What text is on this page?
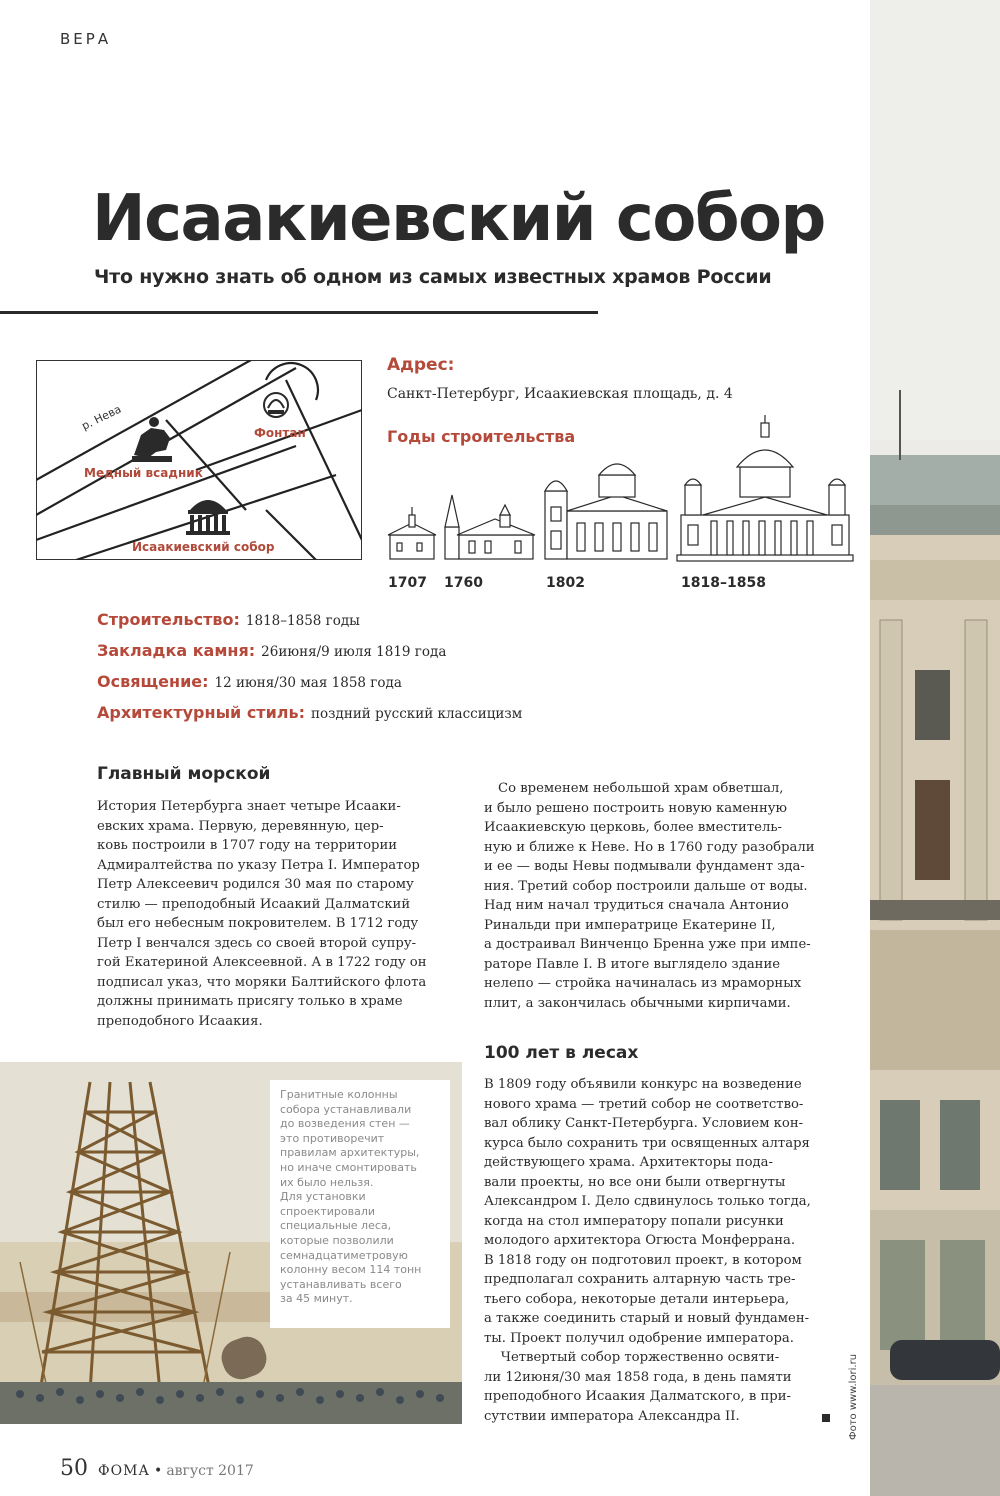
ВЕРА
Исаакиевский собор
Что нужно знать об одном из самых известных храмов России
р. Нева
Медный всадник
Фонтан
Исаакиевский собор
Адрес:
Санкт-Петербург, Исаакиевская площадь, д. 4
Годы строительства
1707 1760	1802	1818–1858
Строительство: 1818–1858 годы
Закладка камня: 26июня/9 июля 1819 года
Освящение: 12 июня/30 мая 1858 года
Архитектурный стиль: поздний русский классицизм
Главный морской
История Петербурга знает четыре Исааки-
евских храма. Первую, деревянную, цер-
ковь построили в 1707 году на территории
Адмиралтейства по указу Петра I. Император
Петр Алексеевич родился 30 мая по старому
стилю — преподобный Исаакий Далматский
был его небесным покровителем. В 1712 году
Петр I венчался здесь со своей второй супру-
гой Екатериной Алексеевной. А в 1722 году он
подписал указ, что моряки Балтийского флота
должны принимать присягу только в храме
преподобного Исаакия.
Со временем небольшой храм обветшал,
и было решено построить новую каменную
Исаакиевскую церковь, более вместитель-
ную и ближе к Неве. Но в 1760 году разобрали
и ее — воды Невы подмывали фундамент зда-
ния. Третий собор построили дальше от воды.
Над ним начал трудиться сначала Антонио
Ринальди при императрице Екатерине II,
а достраивал Винченцо Бренна уже при импе-
раторе Павле I. В итоге выглядело здание
нелепо — стройка начиналась из мраморных
плит, а закончилась обычными кирпичами.
100 лет в лесах
В 1809 году объявили конкурс на возведение
нового храма — третий собор не соответство-
вал облику Санкт-Петербурга. Условием кон-
курса было сохранить три освященных алтаря
действующего храма. Архитекторы пода-
вали проекты, но все они были отвергнуты
Александром I. Дело сдвинулось только тогда,
когда на стол императору попали рисунки
молодого архитектора Огюста Монферрана.
В 1818 году он подготовил проект, в котором
предполагал сохранить алтарную часть тре-
тьего собора, некоторые детали интерьера,
а также соединить старый и новый фундамен-
ты. Проект получил одобрение императора.
Четвертый собор торжественно освяти-
ли 12июня/30 мая 1858 года, в день памяти
преподобного Исаакия Далматского, в при-
сутствии императора Александра II.
Гранитные колонны
собора устанавливали
до возведения стен —
это противоречит
правилам архитектуры,
но иначе смонтировать
их было нельзя.
Для установки
спроектировали
специальные леса,
которые позволили
семнадцатиметровую
колонну весом 114 тонн
устанавливать всего
за 45 минут.
Фото www.lori.ru
50 ФОМА • август 2017
